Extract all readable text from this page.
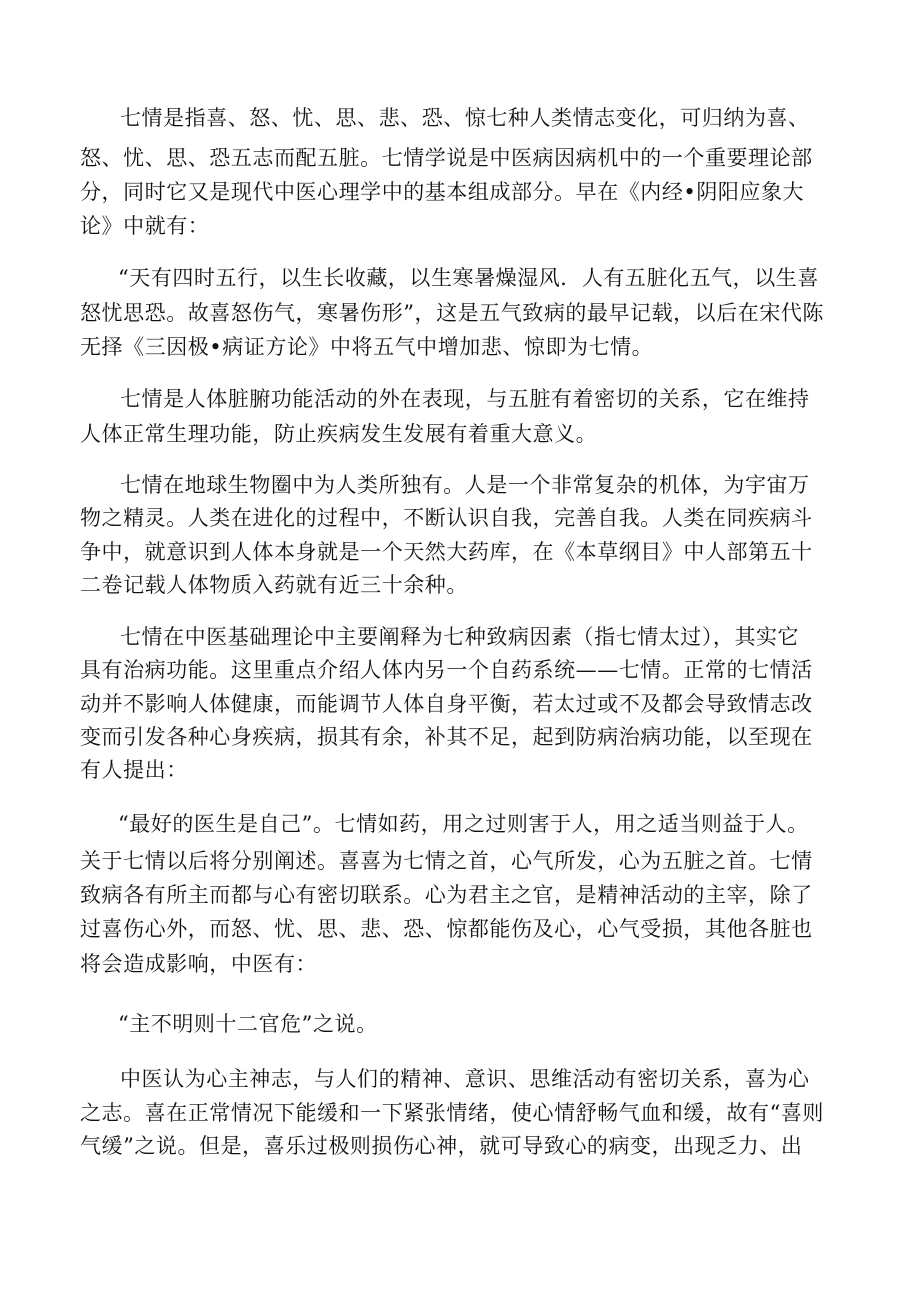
七情是指喜、怒、忧、思、悲、恐、惊七种人类情志变化，可归纳为喜、
怒、忧、思、恐五志而配五脏。七情学说是中医病因病机中的一个重要理论部
分，同时它又是现代中医心理学中的基本组成部分。早在《内经•阴阳应象大
论》中就有：
“天有四时五行，以生长收藏，以生寒暑燥湿风．人有五脏化五气，以生喜
怒忧思恐。故喜怒伤气，寒暑伤形”，这是五气致病的最早记载，以后在宋代陈
无择《三因极•病证方论》中将五气中增加悲、惊即为七情。
七情是人体脏腑功能活动的外在表现，与五脏有着密切的关系，它在维持
人体正常生理功能，防止疾病发生发展有着重大意义。
七情在地球生物圈中为人类所独有。人是一个非常复杂的机体，为宇宙万
物之精灵。人类在进化的过程中，不断认识自我，完善自我。人类在同疾病斗
争中，就意识到人体本身就是一个天然大药库，在《本草纲目》中人部第五十
二卷记载人体物质入药就有近三十余种。
七情在中医基础理论中主要阐释为七种致病因素（指七情太过），其实它
具有治病功能。这里重点介绍人体内另一个自药系统——七情。正常的七情活
动并不影响人体健康，而能调节人体自身平衡，若太过或不及都会导致情志改
变而引发各种心身疾病，损其有余，补其不足，起到防病治病功能，以至现在
有人提出：
“最好的医生是自己”。七情如药，用之过则害于人，用之适当则益于人。
关于七情以后将分别阐述。喜喜为七情之首，心气所发，心为五脏之首。七情
致病各有所主而都与心有密切联系。心为君主之官，是精神活动的主宰，除了
过喜伤心外，而怒、忧、思、悲、恐、惊都能伤及心，心气受损，其他各脏也
将会造成影响，中医有：
“主不明则十二官危”之说。
中医认为心主神志，与人们的精神、意识、思维活动有密切关系，喜为心
之志。喜在正常情况下能缓和一下紧张情绪，使心情舒畅气血和缓，故有“喜则
气缓”之说。但是，喜乐过极则损伤心神，就可导致心的病变，出现乏力、出
